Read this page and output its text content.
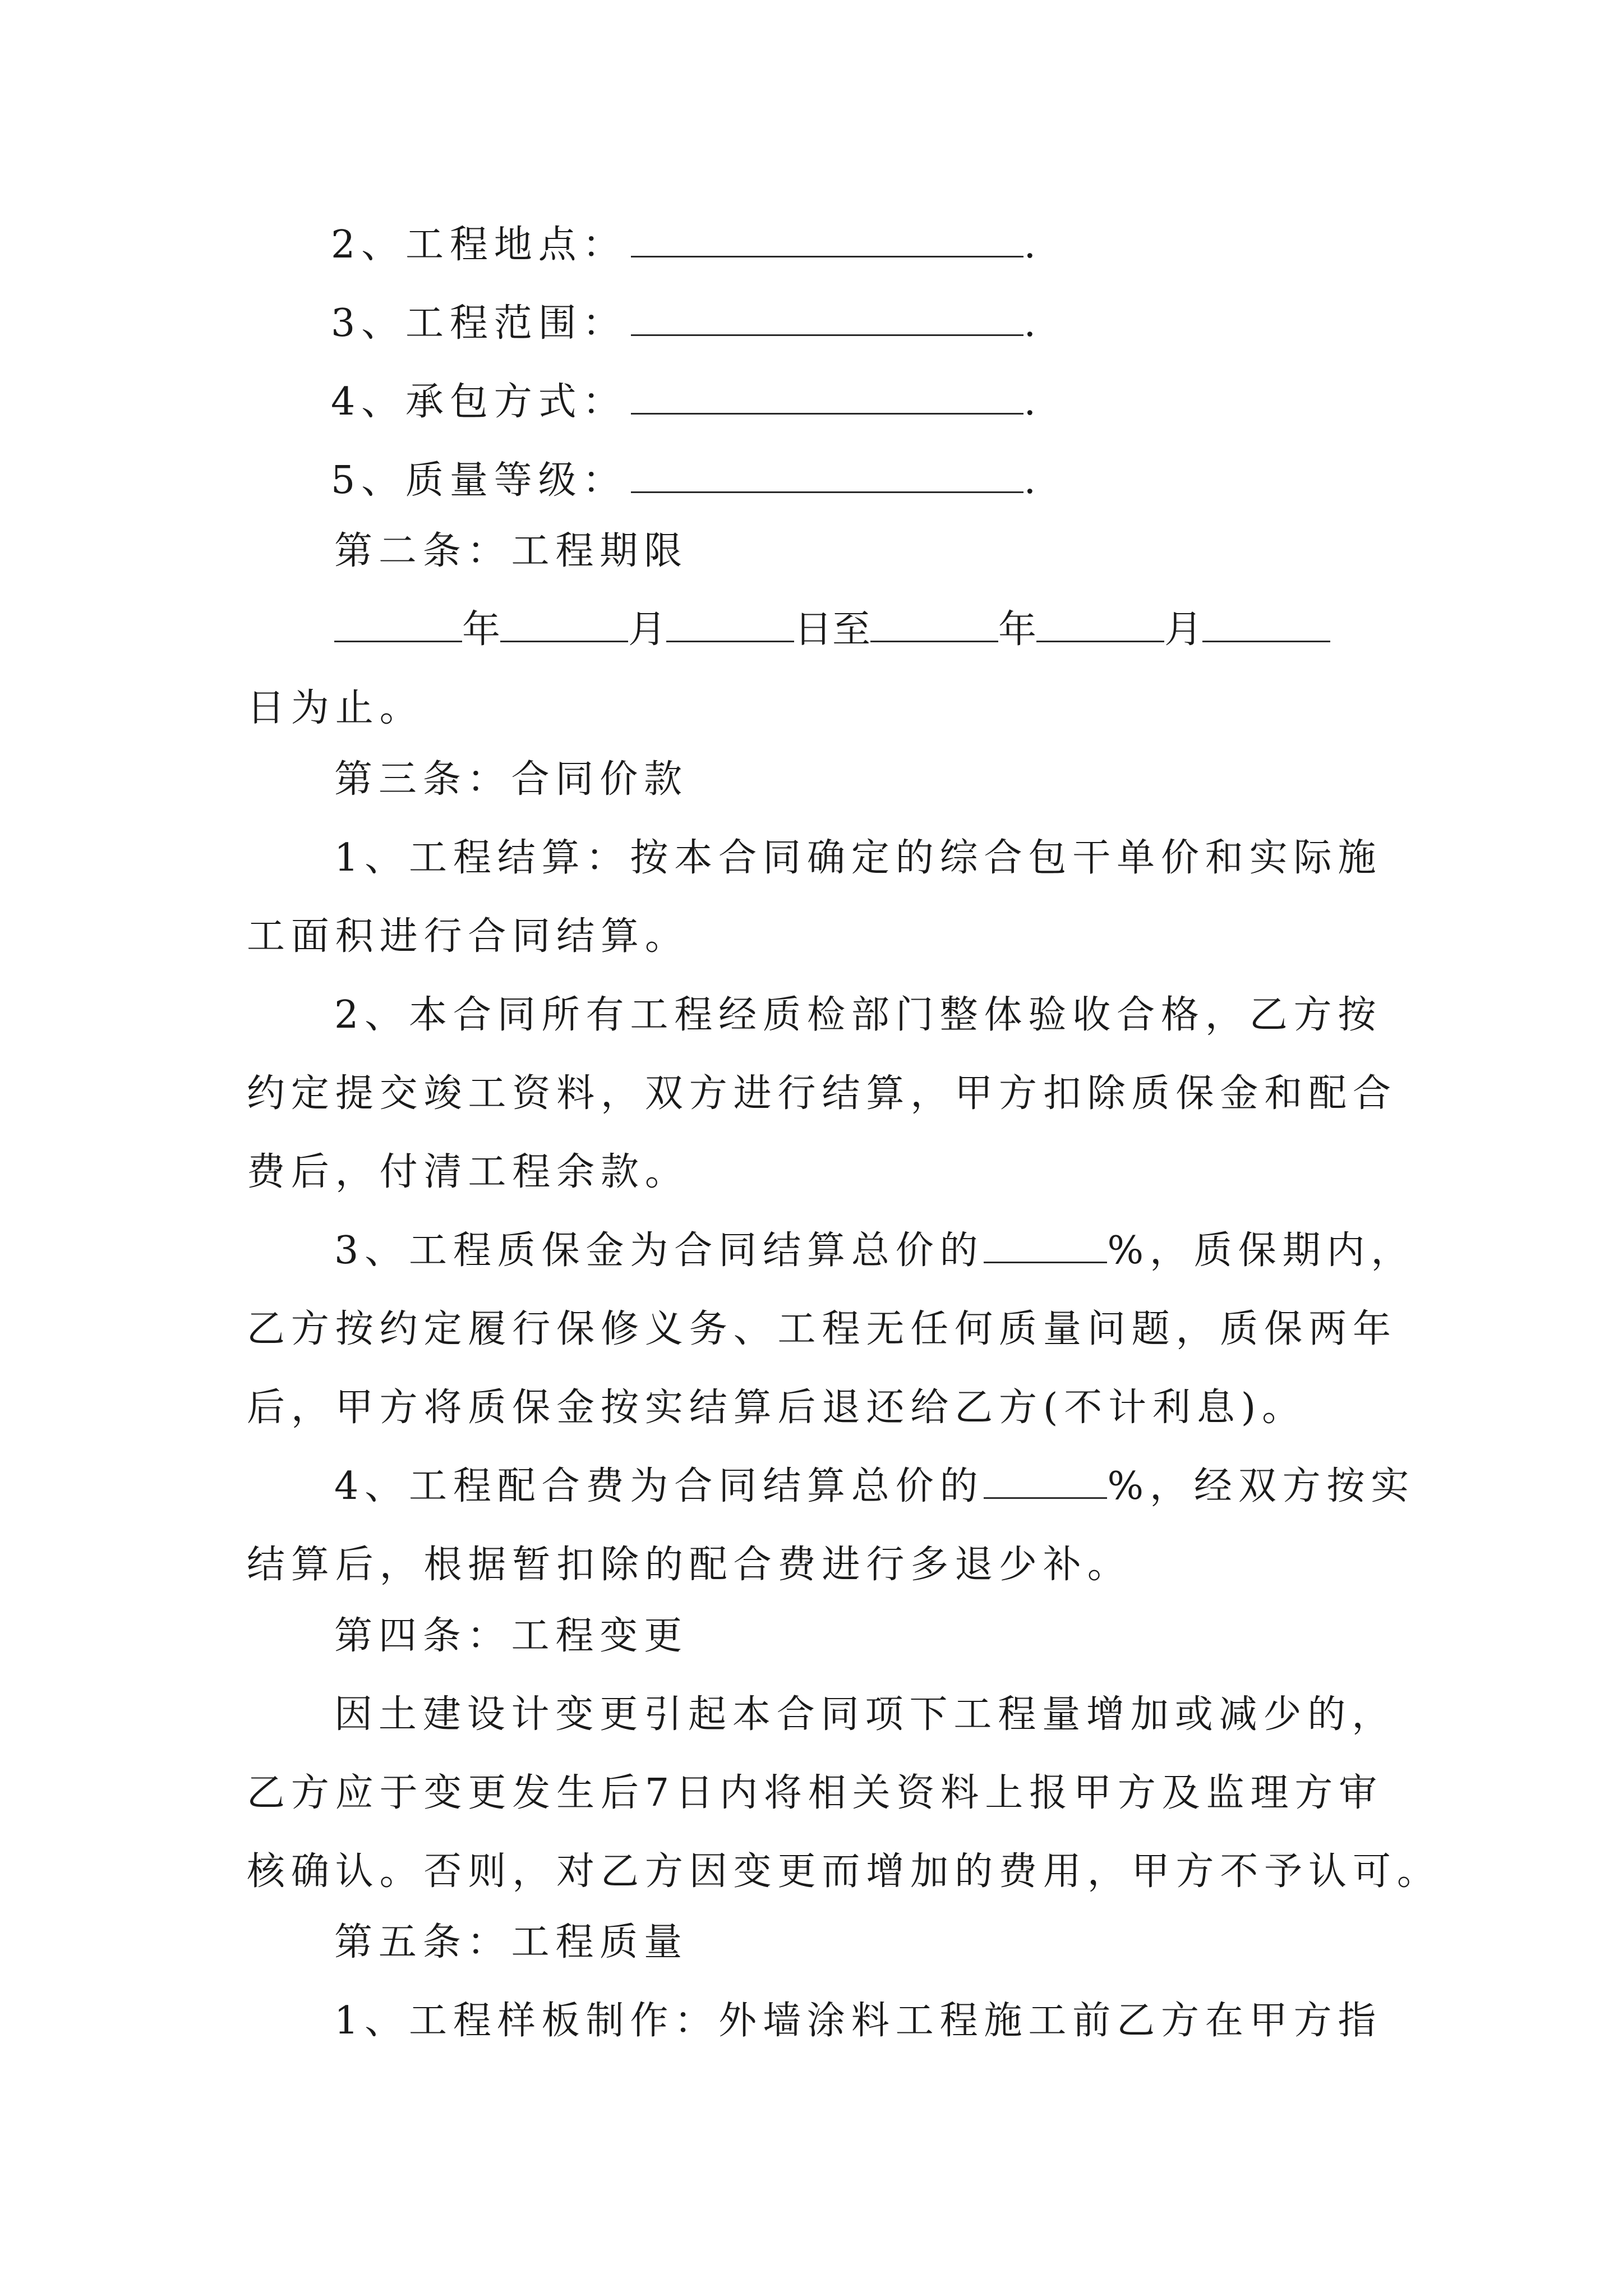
2、工程地点：	.
3、工程范围：	.
4、承包方式：	.
5、质量等级：	.
第二条：工程期限
年	月	日至	年	月
日为止。
第三条：合同价款
1、工程结算：按本合同确定的综合包干单价和实际施
工面积进行合同结算。
2、本合同所有工程经质检部门整体验收合格，乙方按
约定提交竣工资料，双方进行结算，甲方扣除质保金和配合
费后，付清工程余款。
3、工程质保金为合同结算总价的	%，质保期内，
乙方按约定履行保修义务、工程无任何质量问题，质保两年
后，甲方将质保金按实结算后退还给乙方(不计利息)。
4、工程配合费为合同结算总价的	%，经双方按实
结算后，根据暂扣除的配合费进行多退少补。
第四条：工程变更
因土建设计变更引起本合同项下工程量增加或减少的，
乙方应于变更发生后7日内将相关资料上报甲方及监理方审
核确认。否则，对乙方因变更而增加的费用，甲方不予认可。
第五条：工程质量
1、工程样板制作：外墙涂料工程施工前乙方在甲方指
